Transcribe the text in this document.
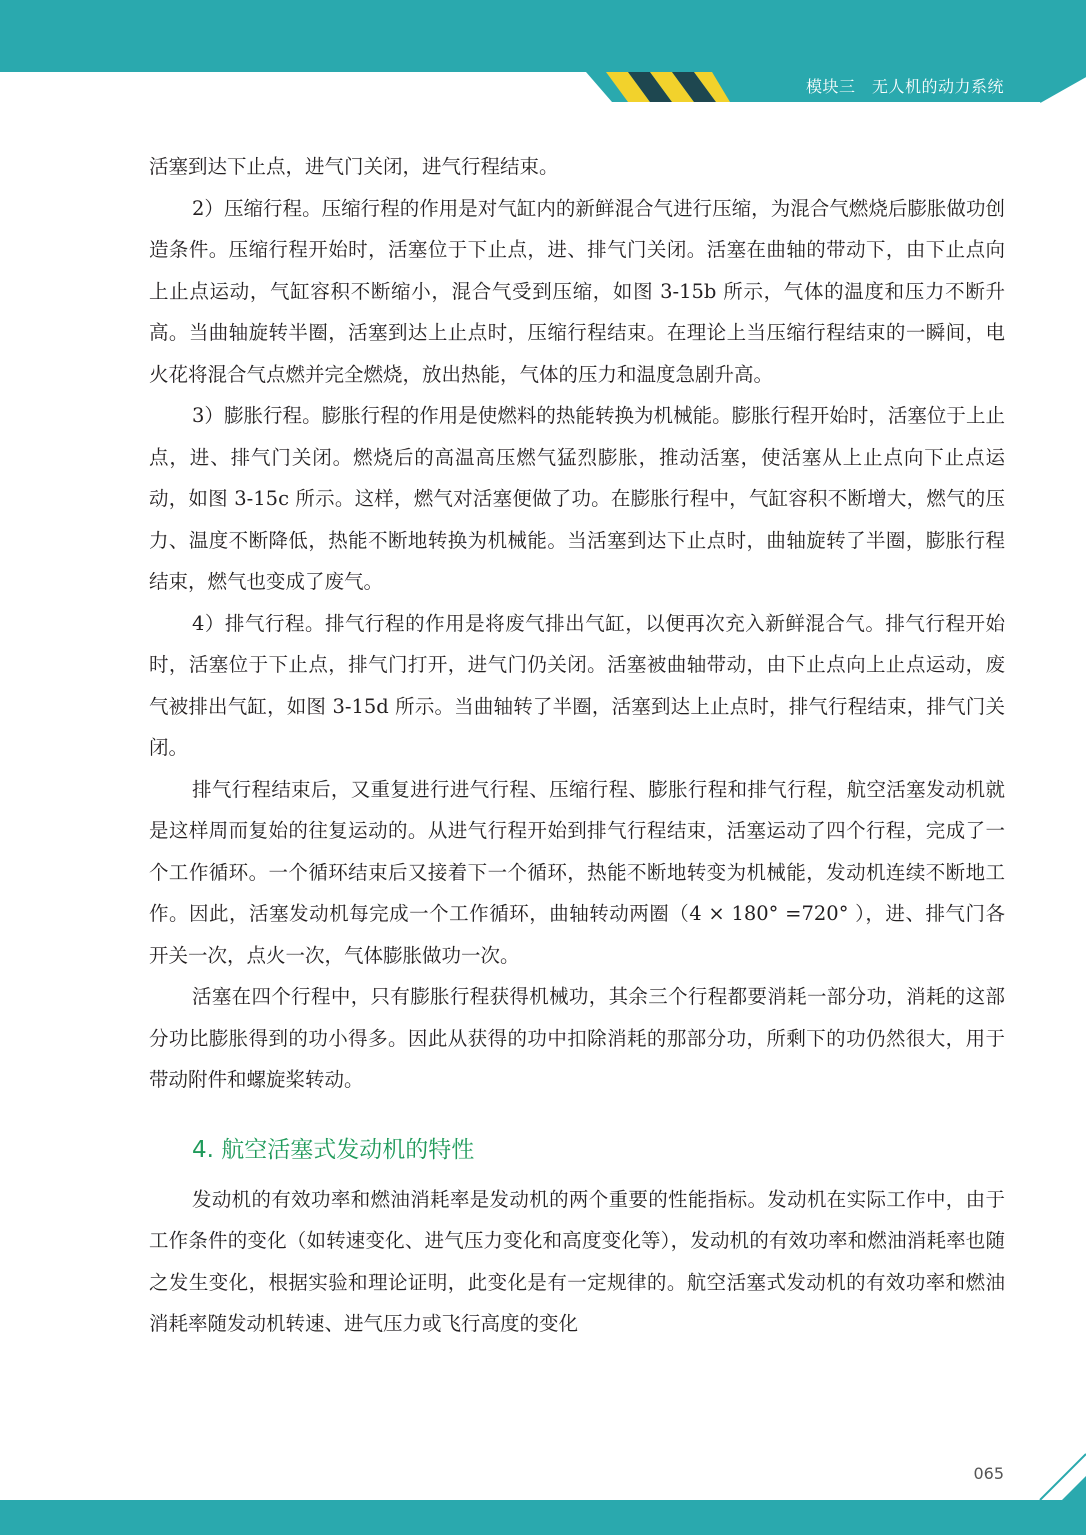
模块三　无人机的动力系统

活塞到达下止点，进气门关闭，进气行程结束。

2）压缩行程。压缩行程的作用是对气缸内的新鲜混合气进行压缩，为混合气燃烧后膨胀做功创造条件。压缩行程开始时，活塞位于下止点，进、排气门关闭。活塞在曲轴的带动下，由下止点向上止点运动，气缸容积不断缩小，混合气受到压缩，如图 3-15b 所示，气体的温度和压力不断升高。当曲轴旋转半圈，活塞到达上止点时，压缩行程结束。在理论上当压缩行程结束的一瞬间，电火花将混合气点燃并完全燃烧，放出热能，气体的压力和温度急剧升高。

3）膨胀行程。膨胀行程的作用是使燃料的热能转换为机械能。膨胀行程开始时，活塞位于上止点，进、排气门关闭。燃烧后的高温高压燃气猛烈膨胀，推动活塞，使活塞从上止点向下止点运动，如图 3-15c 所示。这样，燃气对活塞便做了功。在膨胀行程中，气缸容积不断增大，燃气的压力、温度不断降低，热能不断地转换为机械能。当活塞到达下止点时，曲轴旋转了半圈，膨胀行程结束，燃气也变成了废气。

4）排气行程。排气行程的作用是将废气排出气缸，以便再次充入新鲜混合气。排气行程开始时，活塞位于下止点，排气门打开，进气门仍关闭。活塞被曲轴带动，由下止点向上止点运动，废气被排出气缸，如图 3-15d 所示。当曲轴转了半圈，活塞到达上止点时，排气行程结束，排气门关闭。

排气行程结束后，又重复进行进气行程、压缩行程、膨胀行程和排气行程，航空活塞发动机就是这样周而复始的往复运动的。从进气行程开始到排气行程结束，活塞运动了四个行程，完成了一个工作循环。一个循环结束后又接着下一个循环，热能不断地转变为机械能，发动机连续不断地工作。因此，活塞发动机每完成一个工作循环，曲轴转动两圈（4 × 180° =720° ），进、排气门各开关一次，点火一次，气体膨胀做功一次。

活塞在四个行程中，只有膨胀行程获得机械功，其余三个行程都要消耗一部分功，消耗的这部分功比膨胀得到的功小得多。因此从获得的功中扣除消耗的那部分功，所剩下的功仍然很大，用于带动附件和螺旋桨转动。

4. 航空活塞式发动机的特性

发动机的有效功率和燃油消耗率是发动机的两个重要的性能指标。发动机在实际工作中，由于工作条件的变化（如转速变化、进气压力变化和高度变化等），发动机的有效功率和燃油消耗率也随之发生变化，根据实验和理论证明，此变化是有一定规律的。航空活塞式发动机的有效功率和燃油消耗率随发动机转速、进气压力或飞行高度的变化

065
